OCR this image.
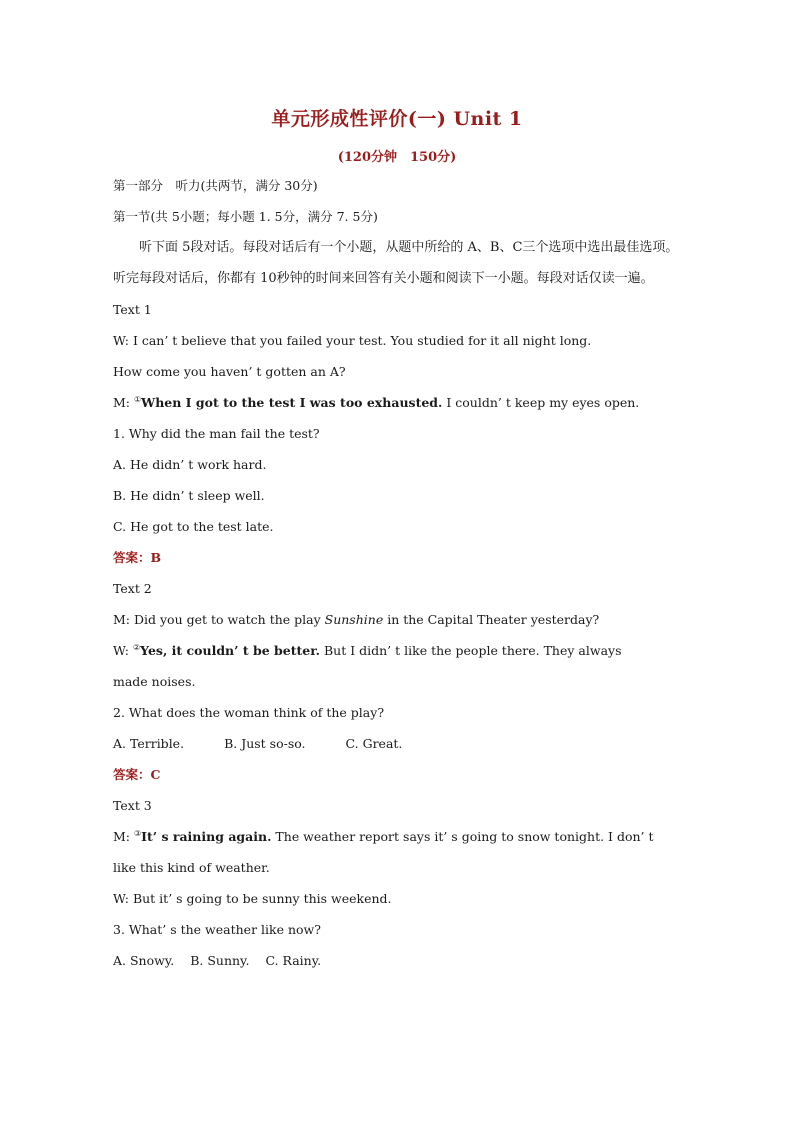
单元形成性评价(一) Unit 1
(120分钟　150分)
第一部分　听力(共两节，满分 30分)
第一节(共 5小题；每小题 1. 5分，满分 7. 5分)
听下面 5段对话。每段对话后有一个小题，从题中所给的 A、B、C三个选项中选出最佳选项。听完每段对话后，你都有 10秒钟的时间来回答有关小题和阅读下一小题。每段对话仅读一遍。
Text 1
W: I can’ t believe that you failed your test. You studied for it all night long.
How come you haven’ t gotten an A?
M: ①When I got to the test I was too exhausted. I couldn’ t keep my eyes open.
1. Why did the man fail the test?
A. He didn’ t work hard.
B. He didn’ t sleep well.
C. He got to the test late.
答案：B
Text 2
M: Did you get to watch the play Sunshine in the Capital Theater yesterday?
W: ②Yes, it couldn’ t be better. But I didn’ t like the people there. They always
made noises.
2. What does the woman think of the play?
A. Terrible.	B. Just so-so.	C. Great.
答案：C
Text 3
M: ③It’ s raining again. The weather report says it’ s going to snow tonight. I don’ t
like this kind of weather.
W: But it’ s going to be sunny this weekend.
3. What’ s the weather like now?
A. Snowy. B. Sunny. C. Rainy.
